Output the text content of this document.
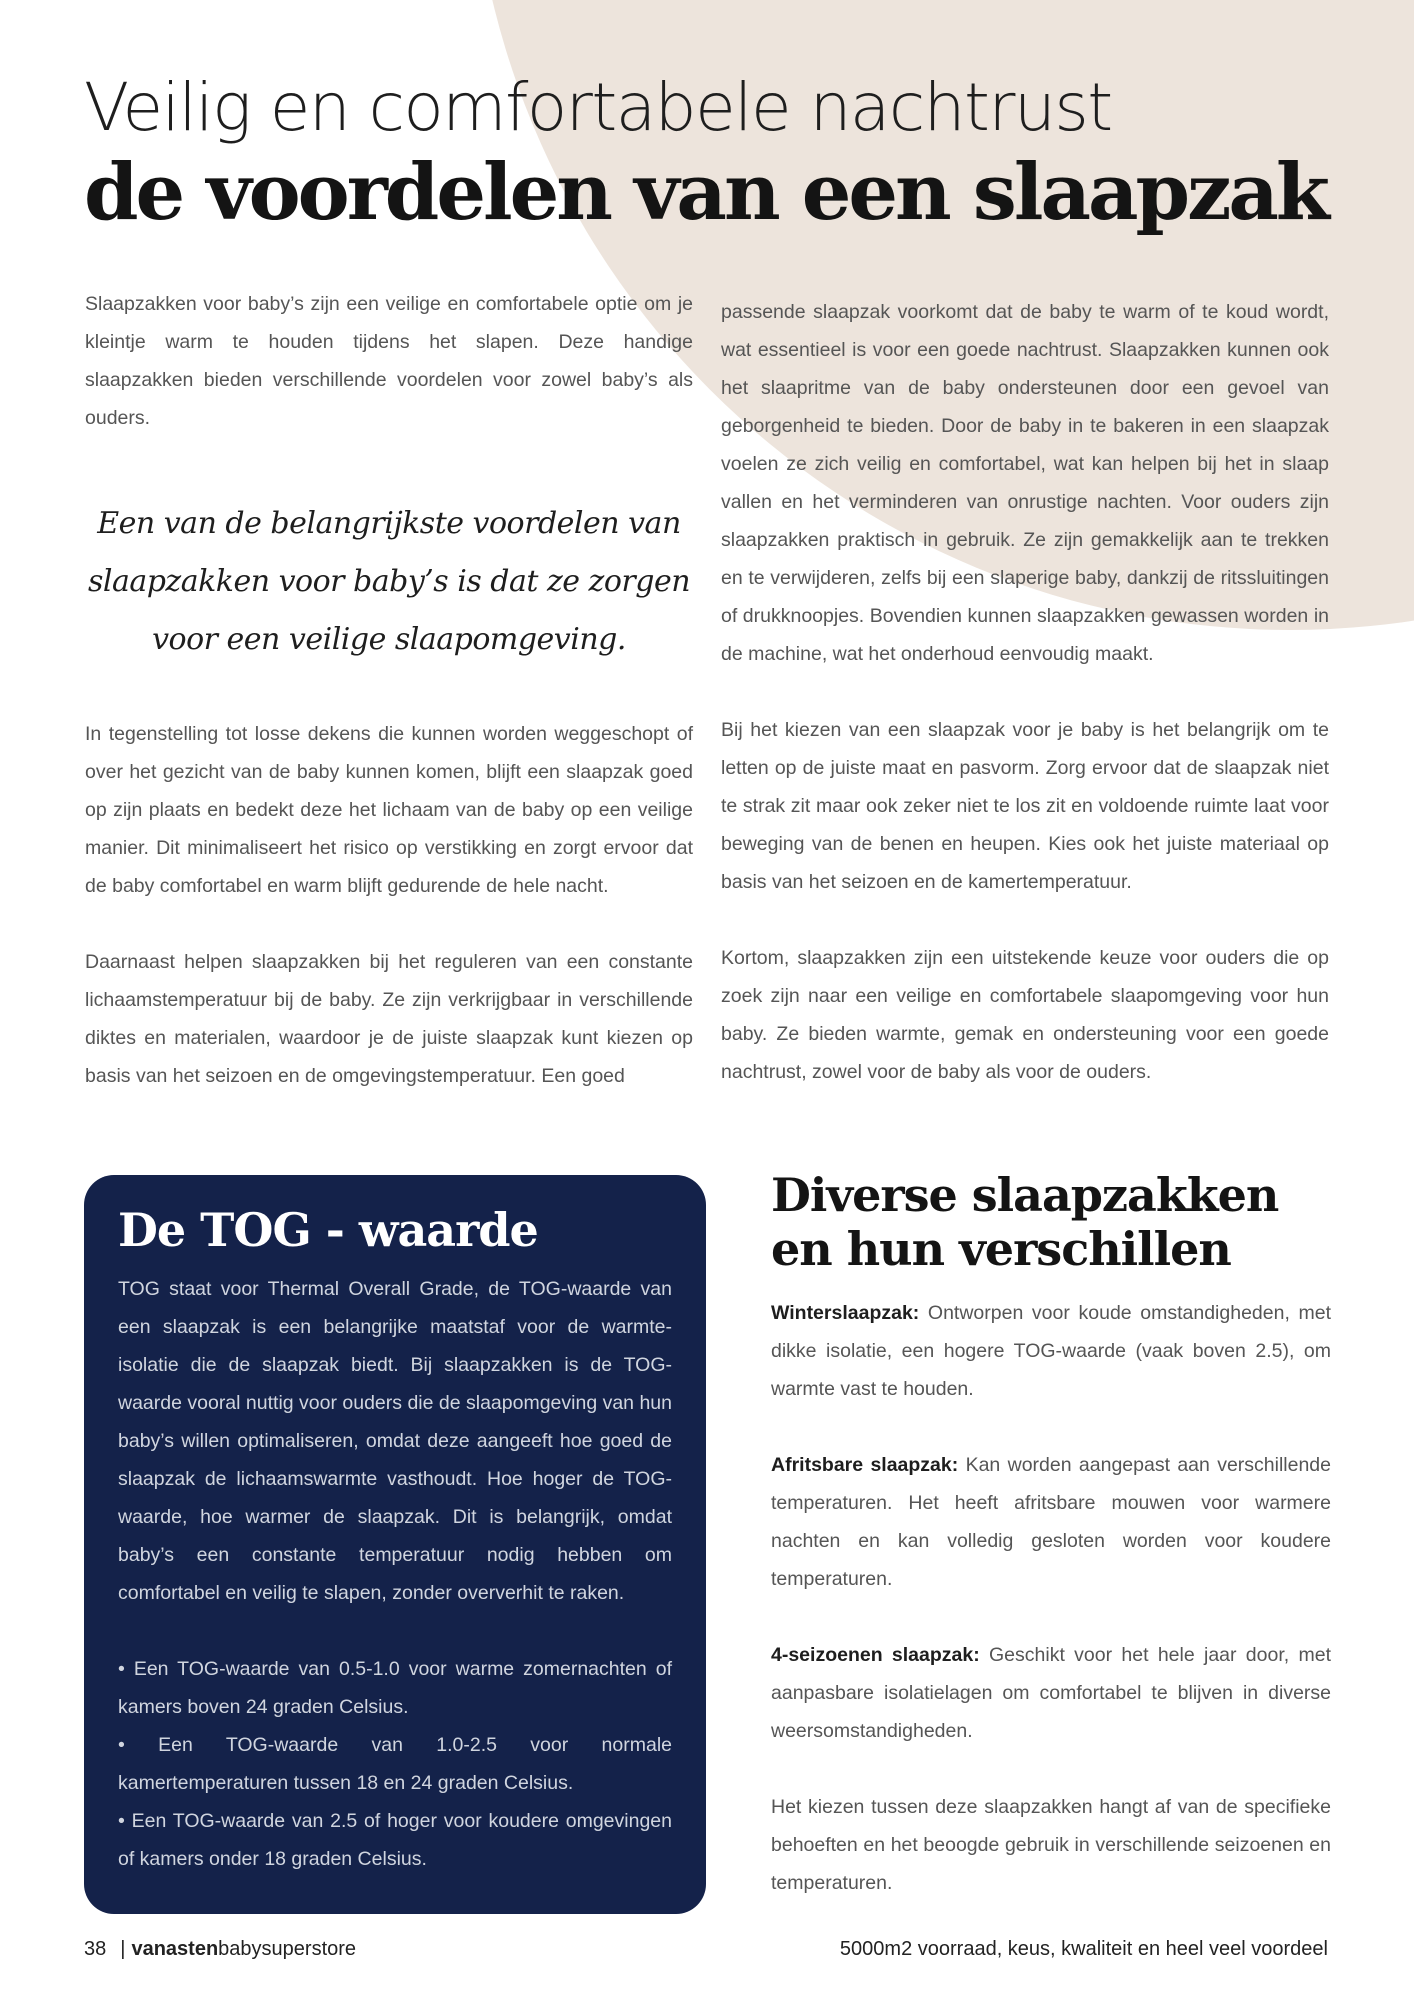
Veilig en comfortabele nachtrust
de voordelen van een slaapzak

Slaapzakken voor baby’s zijn een veilige en comfortabele optie om je kleintje warm te houden tijdens het slapen. Deze handige slaapzakken bieden verschillende voordelen voor zowel baby’s als ouders.

Een van de belangrijkste voordelen van slaapzakken voor baby’s is dat ze zorgen voor een veilige slaapomgeving.

In tegenstelling tot losse dekens die kunnen worden weggeschopt of over het gezicht van de baby kunnen komen, blijft een slaapzak goed op zijn plaats en bedekt deze het lichaam van de baby op een veilige manier. Dit minimaliseert het risico op verstikking en zorgt ervoor dat de baby comfortabel en warm blijft gedurende de hele nacht.

Daarnaast helpen slaapzakken bij het reguleren van een constante lichaamstemperatuur bij de baby. Ze zijn verkrijgbaar in verschillende diktes en materialen, waardoor je de juiste slaapzak kunt kiezen op basis van het seizoen en de omgevingstemperatuur. Een goed

passende slaapzak voorkomt dat de baby te warm of te koud wordt, wat essentieel is voor een goede nachtrust. Slaapzakken kunnen ook het slaapritme van de baby ondersteunen door een gevoel van geborgenheid te bieden. Door de baby in te bakeren in een slaapzak voelen ze zich veilig en comfortabel, wat kan helpen bij het in slaap vallen en het verminderen van onrustige nachten. Voor ouders zijn slaapzakken praktisch in gebruik. Ze zijn gemakkelijk aan te trekken en te verwijderen, zelfs bij een slaperige baby, dankzij de ritssluitingen of drukknoopjes. Bovendien kunnen slaapzakken gewassen worden in de machine, wat het onderhoud eenvoudig maakt.

Bij het kiezen van een slaapzak voor je baby is het belangrijk om te letten op de juiste maat en pasvorm. Zorg ervoor dat de slaapzak niet te strak zit maar ook zeker niet te los zit en voldoende ruimte laat voor beweging van de benen en heupen. Kies ook het juiste materiaal op basis van het seizoen en de kamertemperatuur.

Kortom, slaapzakken zijn een uitstekende keuze voor ouders die op zoek zijn naar een veilige en comfortabele slaapomgeving voor hun baby. Ze bieden warmte, gemak en ondersteuning voor een goede nachtrust, zowel voor de baby als voor de ouders.

De TOG - waarde

TOG staat voor Thermal Overall Grade, de TOG-waarde van een slaapzak is een belangrijke maatstaf voor de warmte-isolatie die de slaapzak biedt. Bij slaapzakken is de TOG-waarde vooral nuttig voor ouders die de slaapomgeving van hun baby’s willen optimaliseren, omdat deze aangeeft hoe goed de slaapzak de lichaamswarmte vasthoudt. Hoe hoger de TOG-waarde, hoe warmer de slaapzak. Dit is belangrijk, omdat baby’s een constante temperatuur nodig hebben om comfortabel en veilig te slapen, zonder oververhit te raken.

• Een TOG-waarde van 0.5-1.0 voor warme zomernachten of kamers boven 24 graden Celsius.

• Een TOG-waarde van 1.0-2.5 voor normale kamertemperaturen tussen 18 en 24 graden Celsius.

• Een TOG-waarde van 2.5 of hoger voor koudere omgevingen of kamers onder 18 graden Celsius.

Diverse slaapzakken en hun verschillen

Winterslaapzak: Ontworpen voor koude omstandigheden, met dikke isolatie, een hogere TOG-waarde (vaak boven 2.5), om warmte vast te houden.

Afritsbare slaapzak: Kan worden aangepast aan verschillende temperaturen. Het heeft afritsbare mouwen voor warmere nachten en kan volledig gesloten worden voor koudere temperaturen.

4-seizoenen slaapzak: Geschikt voor het hele jaar door, met aanpasbare isolatielagen om comfortabel te blijven in diverse weersomstandigheden.

Het kiezen tussen deze slaapzakken hangt af van de specifieke behoeften en het beoogde gebruik in verschillende seizoenen en temperaturen.

38 | vanastenbabysuperstore	5000m2 voorraad, keus, kwaliteit en heel veel voordeel
